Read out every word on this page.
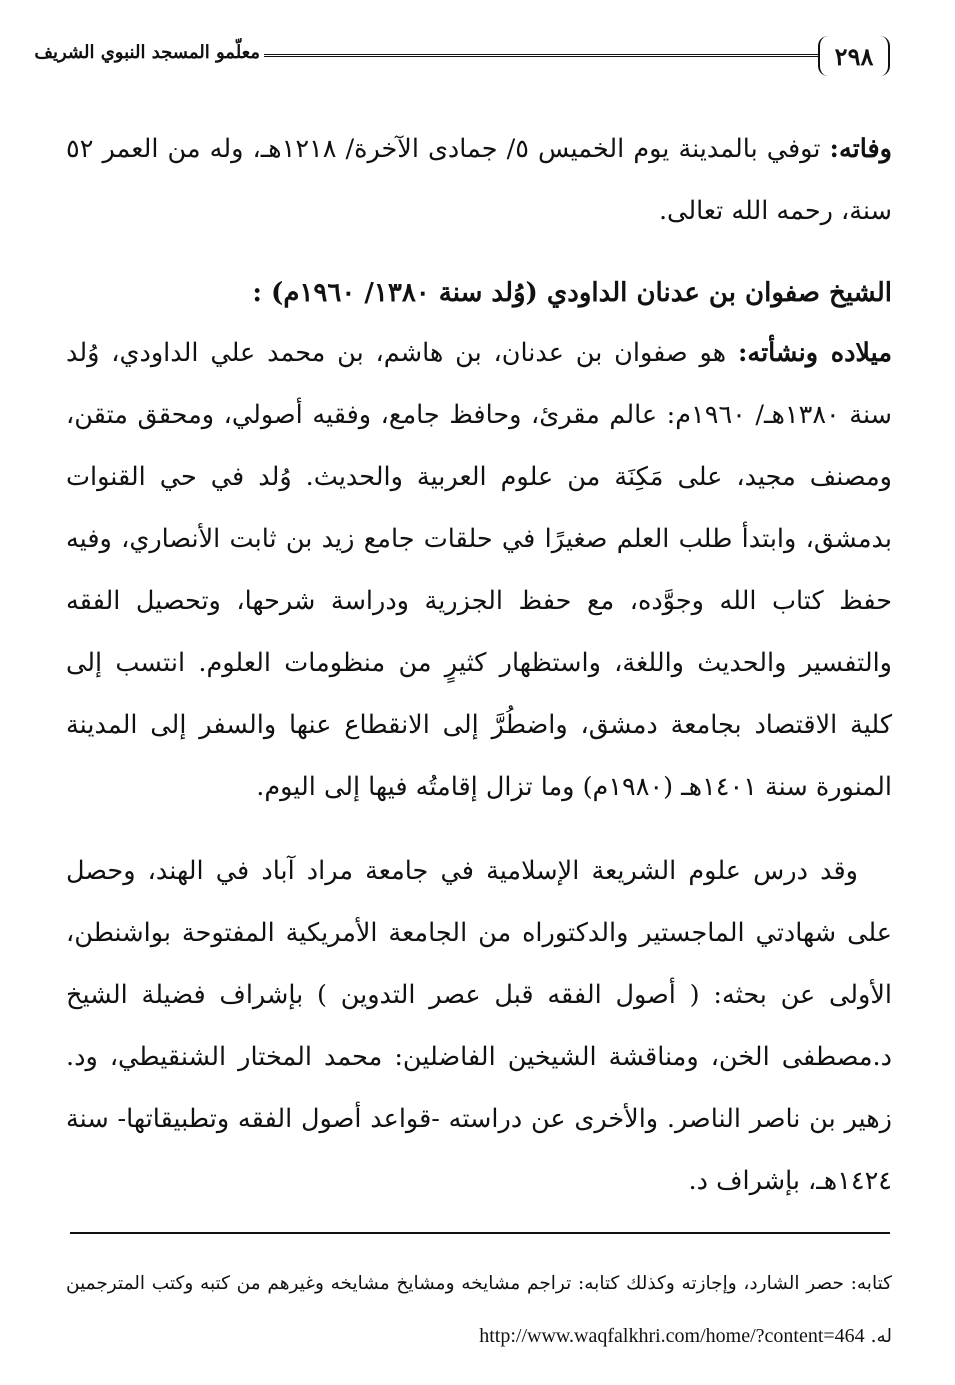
٢٩٨
معلّمو المسجد النبوي الشريف

وفاته: توفي بالمدينة يوم الخميس ٥/ جمادى الآخرة/ ١٢١٨هـ، وله من العمر ٥٢ سنة، رحمه الله تعالى.

الشيخ صفوان بن عدنان الداودي (وُلد سنة ١٣٨٠/ ١٩٦٠م) :

ميلاده ونشأته: هو صفوان بن عدنان، بن هاشم، بن محمد علي الداودي، وُلد سنة ١٣٨٠هـ/ ١٩٦٠م: عالم مقرئ، وحافظ جامع، وفقيه أصولي، ومحقق متقن، ومصنف مجيد، على مَكِنَة من علوم العربية والحديث. وُلد في حي القنوات بدمشق، وابتدأ طلب العلم صغيرًا في حلقات جامع زيد بن ثابت الأنصاري، وفيه حفظ كتاب الله وجوَّده، مع حفظ الجزرية ودراسة شرحها، وتحصيل الفقه والتفسير والحديث واللغة، واستظهار كثيرٍ من منظومات العلوم. انتسب إلى كلية الاقتصاد بجامعة دمشق، واضطُرَّ إلى الانقطاع عنها والسفر إلى المدينة المنورة سنة ١٤٠١هـ (١٩٨٠م) وما تزال إقامتُه فيها إلى اليوم.

وقد درس علوم الشريعة الإسلامية في جامعة مراد آباد في الهند، وحصل على شهادتي الماجستير والدكتوراه من الجامعة الأمريكية المفتوحة بواشنطن، الأولى عن بحثه: ( أصول الفقه قبل عصر التدوين ) بإشراف فضيلة الشيخ د.مصطفى الخن، ومناقشة الشيخين الفاضلين: محمد المختار الشنقيطي، ود. زهير بن ناصر الناصر. والأخرى عن دراسته -قواعد أصول الفقه وتطبيقاتها- سنة ١٤٢٤هـ، بإشراف د.

كتابه: حصر الشارد، وإجازته وكذلك كتابه: تراجم مشايخه ومشايخ مشايخه وغيرهم من كتبه وكتب المترجمين له. http://www.waqfalkhri.com/home/?content=464
